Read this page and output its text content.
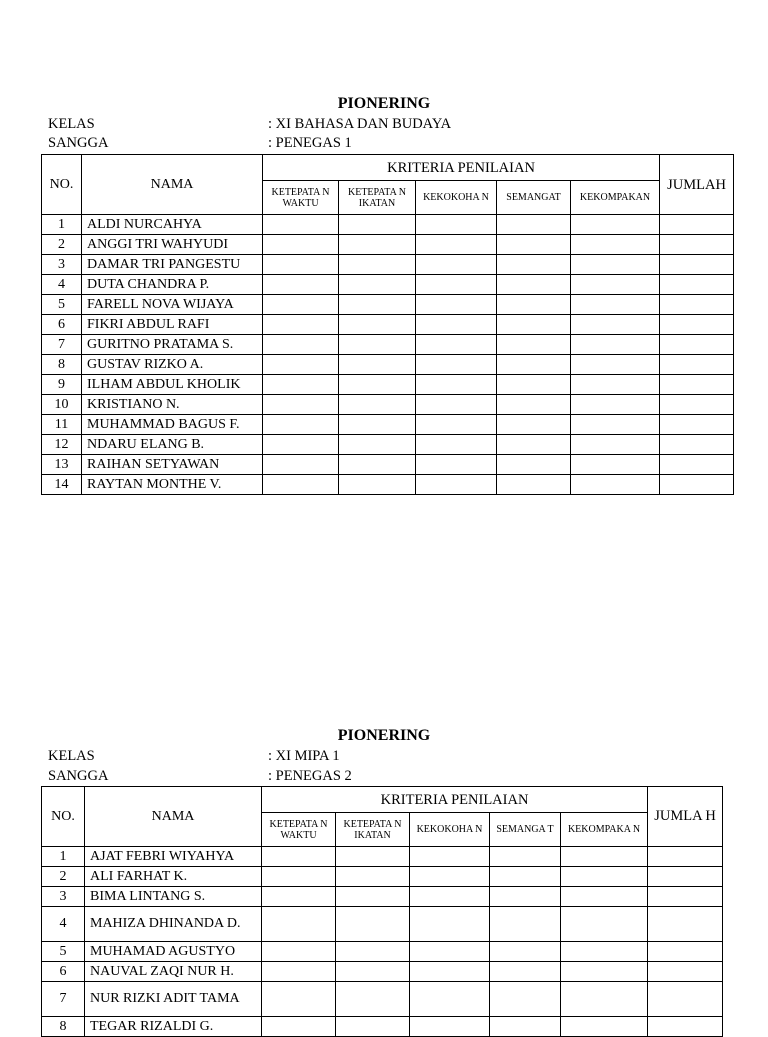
PIONERING
KELAS	: XI BAHASA DAN BUDAYA
SANGGA	: PENEGAS 1
NO.	NAMA	KRITERIA PENILAIAN					JUMLAH
		KETEPATA N WAKTU	KETEPATA N IKATAN	KEKOKOHA N	SEMANGAT	KEKOMPAKAN	
1	ALDI NURCAHYA						
2	ANGGI TRI WAHYUDI						
3	DAMAR TRI PANGESTU						
4	DUTA CHANDRA P.						
5	FARELL NOVA WIJAYA						
6	FIKRI ABDUL RAFI						
7	GURITNO PRATAMA S.						
8	GUSTAV RIZKO A.						
9	ILHAM ABDUL KHOLIK						
10	KRISTIANO N.						
11	MUHAMMAD BAGUS F.						
12	NDARU ELANG B.						
13	RAIHAN SETYAWAN						
14	RAYTAN MONTHE V.						
PIONERING
KELAS	: XI MIPA 1
SANGGA	: PENEGAS 2
NO.	NAMA	KRITERIA PENILAIAN					JUMLA H
		KETEPATA N WAKTU	KETEPATA N IKATAN	KEKOKOHA N	SEMANGA T	KEKOMPAKA N	
1	AJAT FEBRI WIYAHYA						
2	ALI FARHAT K.						
3	BIMA LINTANG S.						
4	MAHIZA DHINANDA D.						
5	MUHAMAD AGUSTYO						
6	NAUVAL ZAQI NUR H.						
7	NUR RIZKI ADIT TAMA						
8	TEGAR RIZALDI G.						
